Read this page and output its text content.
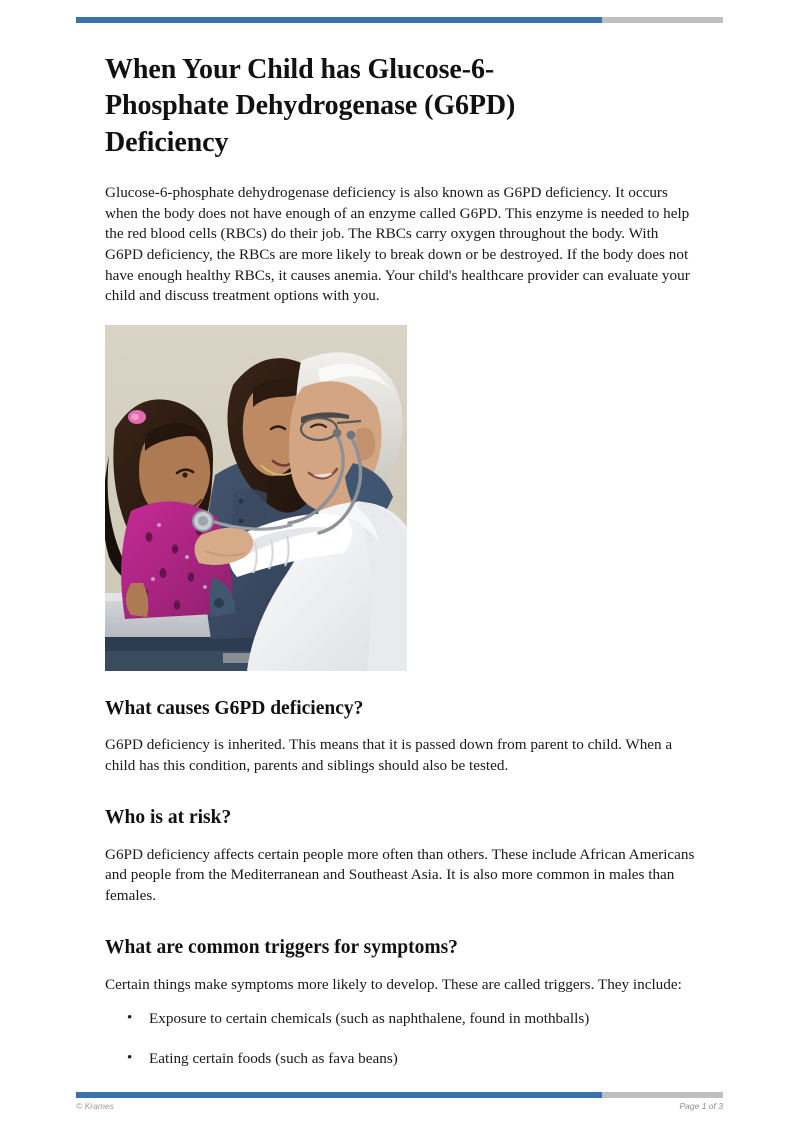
When Your Child has Glucose-6-Phosphate Dehydrogenase (G6PD) Deficiency

Glucose-6-phosphate dehydrogenase deficiency is also known as G6PD deficiency. It occurs when the body does not have enough of an enzyme called G6PD. This enzyme is needed to help the red blood cells (RBCs) do their job. The RBCs carry oxygen throughout the body. With G6PD deficiency, the RBCs are more likely to break down or be destroyed. If the body does not have enough healthy RBCs, it causes anemia. Your child's healthcare provider can evaluate your child and discuss treatment options with you.

What causes G6PD deficiency?

G6PD deficiency is inherited. This means that it is passed down from parent to child. When a child has this condition, parents and siblings should also be tested.

Who is at risk?

G6PD deficiency affects certain people more often than others. These include African Americans and people from the Mediterranean and Southeast Asia. It is also more common in males than females.

What are common triggers for symptoms?

Certain things make symptoms more likely to develop. These are called triggers. They include:

• Exposure to certain chemicals (such as naphthalene, found in mothballs)
• Eating certain foods (such as fava beans)
© Krames	Page 1 of 3
